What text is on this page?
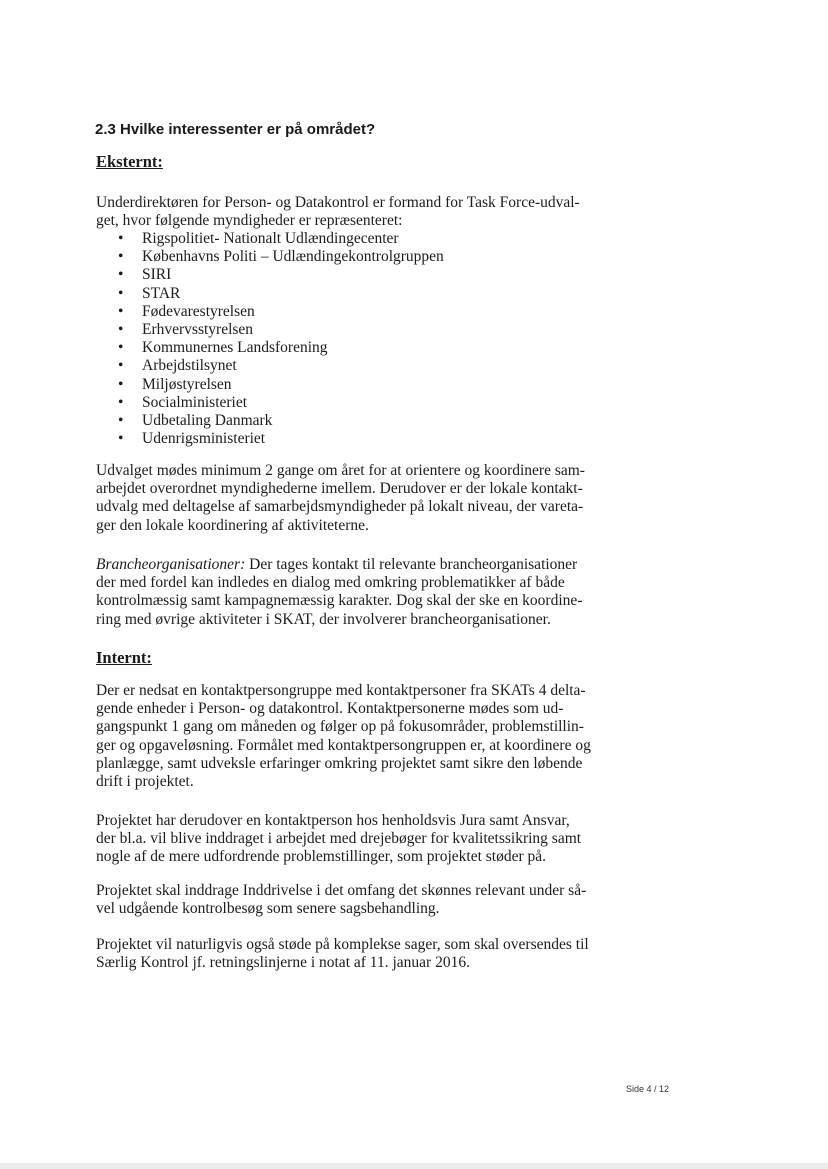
2.3 Hvilke interessenter er på området?
Eksternt:

Underdirektøren for Person- og Datakontrol er formand for Task Force-udval-
get, hvor følgende myndigheder er repræsenteret:

• Rigspolitiet- Nationalt Udlændingecenter
• Københavns Politi – Udlændingekontrolgruppen
• SIRI
• STAR
• Fødevarestyrelsen
• Erhvervsstyrelsen
• Kommunernes Landsforening
• Arbejdstilsynet
• Miljøstyrelsen
• Socialministeriet
• Udbetaling Danmark
• Udenrigsministeriet

Udvalget mødes minimum 2 gange om året for at orientere og koordinere sam-
arbejdet overordnet myndighederne imellem. Derudover er der lokale kontakt-
udvalg med deltagelse af samarbejdsmyndigheder på lokalt niveau, der vareta-
ger den lokale koordinering af aktiviteterne.

Brancheorganisationer: Der tages kontakt til relevante brancheorganisationer
der med fordel kan indledes en dialog med omkring problematikker af både
kontrolmæssig samt kampagnemæssig karakter. Dog skal der ske en koordine-
ring med øvrige aktiviteter i SKAT, der involverer brancheorganisationer.

Internt:

Der er nedsat en kontaktpersongruppe med kontaktpersoner fra SKATs 4 delta-
gende enheder i Person- og datakontrol. Kontaktpersonerne mødes som ud-
gangspunkt 1 gang om måneden og følger op på fokusområder, problemstillin-
ger og opgaveløsning. Formålet med kontaktpersongruppen er, at koordinere og
planlægge, samt udveksle erfaringer omkring projektet samt sikre den løbende
drift i projektet.

Projektet har derudover en kontaktperson hos henholdsvis Jura samt Ansvar,
der bl.a. vil blive inddraget i arbejdet med drejebøger for kvalitetssikring samt
nogle af de mere udfordrende problemstillinger, som projektet støder på.

Projektet skal inddrage Inddrivelse i det omfang det skønnes relevant under så-
vel udgående kontrolbesøg som senere sagsbehandling.

Projektet vil naturligvis også støde på komplekse sager, som skal oversendes til
Særlig Kontrol jf. retningslinjerne i notat af 11. januar 2016.

Side 4 / 12
